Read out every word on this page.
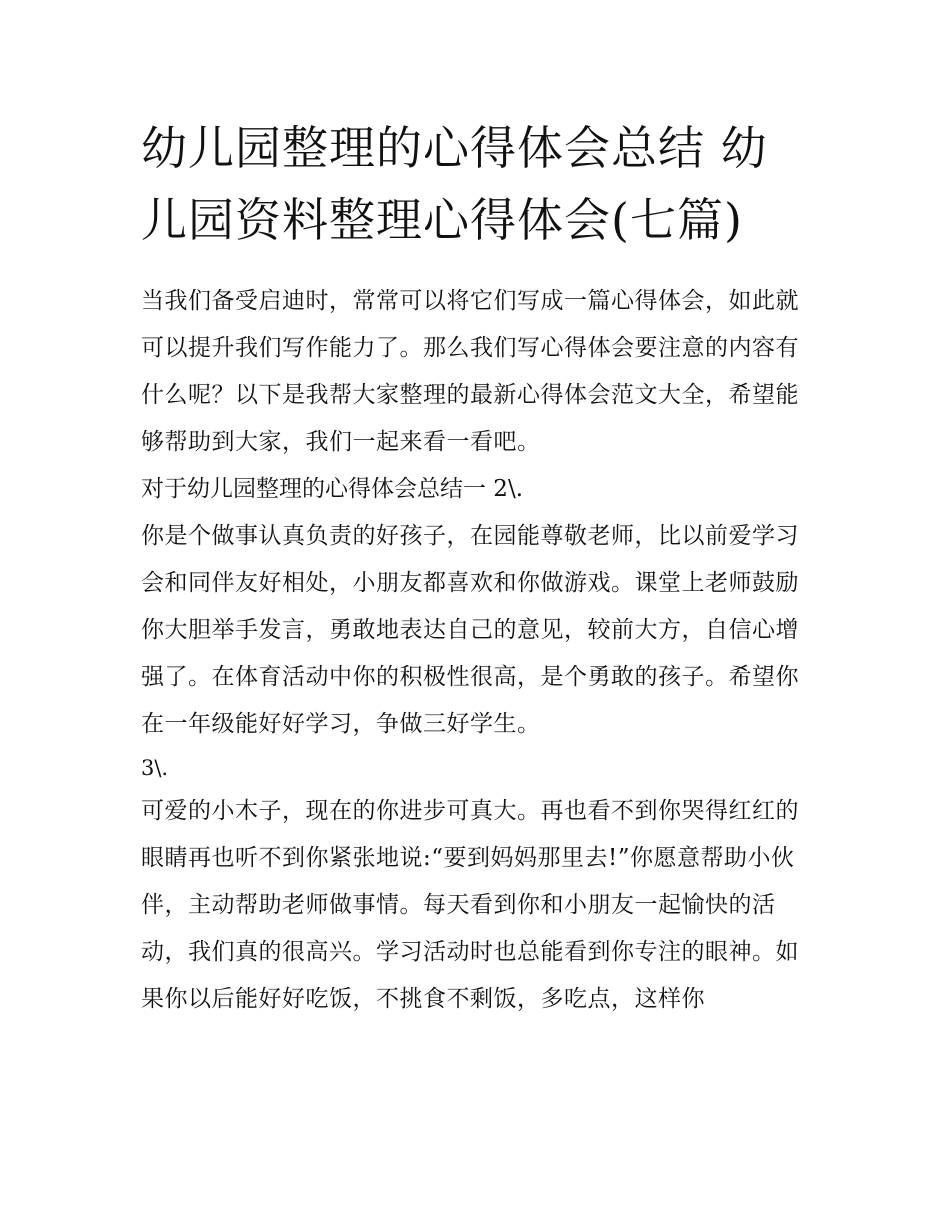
幼儿园整理的心得体会总结 幼儿园资料整理心得体会(七篇)

当我们备受启迪时，常常可以将它们写成一篇心得体会，如此就可以提升我们写作能力了。那么我们写心得体会要注意的内容有什么呢？以下是我帮大家整理的最新心得体会范文大全，希望能够帮助到大家，我们一起来看一看吧。

对于幼儿园整理的心得体会总结一 2\.

你是个做事认真负责的好孩子，在园能尊敬老师，比以前爱学习会和同伴友好相处，小朋友都喜欢和你做游戏。课堂上老师鼓励你大胆举手发言，勇敢地表达自己的意见，较前大方，自信心增强了。在体育活动中你的积极性很高，是个勇敢的孩子。希望你在一年级能好好学习，争做三好学生。

3\.

可爱的小木子，现在的你进步可真大。再也看不到你哭得红红的眼睛再也听不到你紧张地说:“要到妈妈那里去!”你愿意帮助小伙伴，主动帮助老师做事情。每天看到你和小朋友一起愉快的活动，我们真的很高兴。学习活动时也总能看到你专注的眼神。如果你以后能好好吃饭，不挑食不剩饭，多吃点，这样你
